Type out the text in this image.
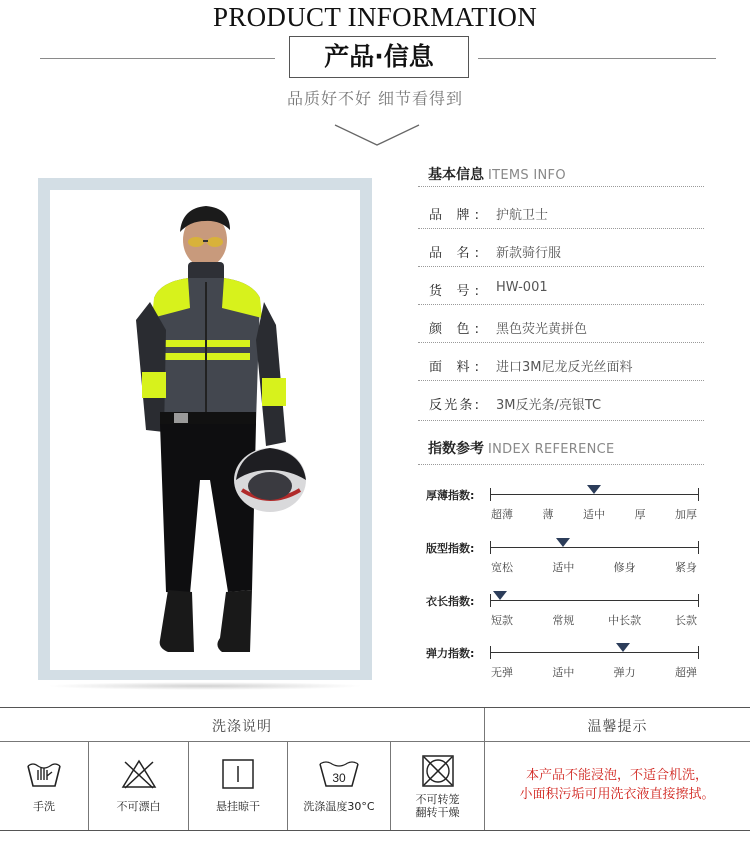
PRODUCT INFORMATION
产品·信息
品质好不好 细节看得到
基本信息 ITEMS INFO
品 牌: 护航卫士
品 名: 新款骑行服
货 号: HW-001
颜 色: 黑色荧光黄拼色
面 料: 进口3M尼龙反光丝面料
反光条: 3M反光条/亮银TC
指数参考 INDEX REFERENCE
厚薄指数:
超薄	薄	适中	厚	加厚
版型指数:
宽松	适中	修身	紧身
衣长指数:
短款	常规	中长款	长款
弹力指数:
无弹	适中	弹力	超弹
洗涤说明	温馨提示
手洗	不可漂白	悬挂晾干
30
洗涤温度30°C
不可转笼
翻转干燥
本产品不能浸泡，不适合机洗，
小面积污垢可用洗衣液直接擦拭。
